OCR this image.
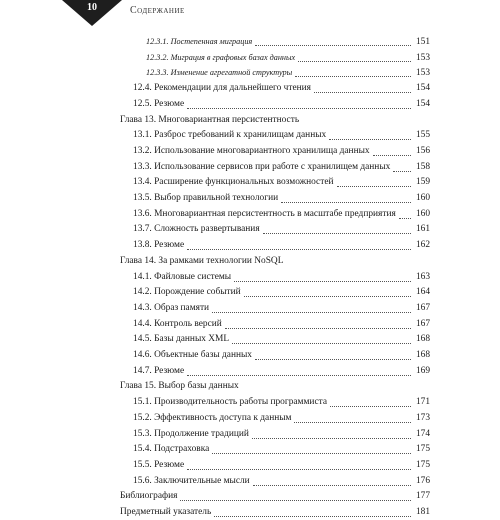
10	Содержание
12.3.1. Постепенная миграция	151
12.3.2. Миграция в графовых базах данных	153
12.3.3. Изменение агрегатной структуры	153
12.4. Рекомендации для дальнейшего чтения	154
12.5. Резюме	154
Глава 13. Многовариантная персистентность
13.1. Разброс требований к хранилищам данных	155
13.2. Использование многовариантного хранилища данных	156
13.3. Использование сервисов при работе с хранилищем данных	158
13.4. Расширение функциональных возможностей	159
13.5. Выбор правильной технологии	160
13.6. Многовариантная персистентность в масштабе предприятия 160
13.7. Сложность развертывания	161
13.8. Резюме	162
Глава 14. За рамками технологии NoSQL
14.1. Файловые системы	163
14.2. Порождение событий	164
14.3. Образ памяти	167
14.4. Контроль версий	167
14.5. Базы данных XML	168
14.6. Объектные базы данных	168
14.7. Резюме	169
Глава 15. Выбор базы данных
15.1. Производительность работы программиста	171
15.2. Эффективность доступа к данным	173
15.3. Продолжение традиций	174
15.4. Подстраховка	175
15.5. Резюме	175
15.6. Заключительные мысли	176
Библиография	177
Предметный указатель	181
